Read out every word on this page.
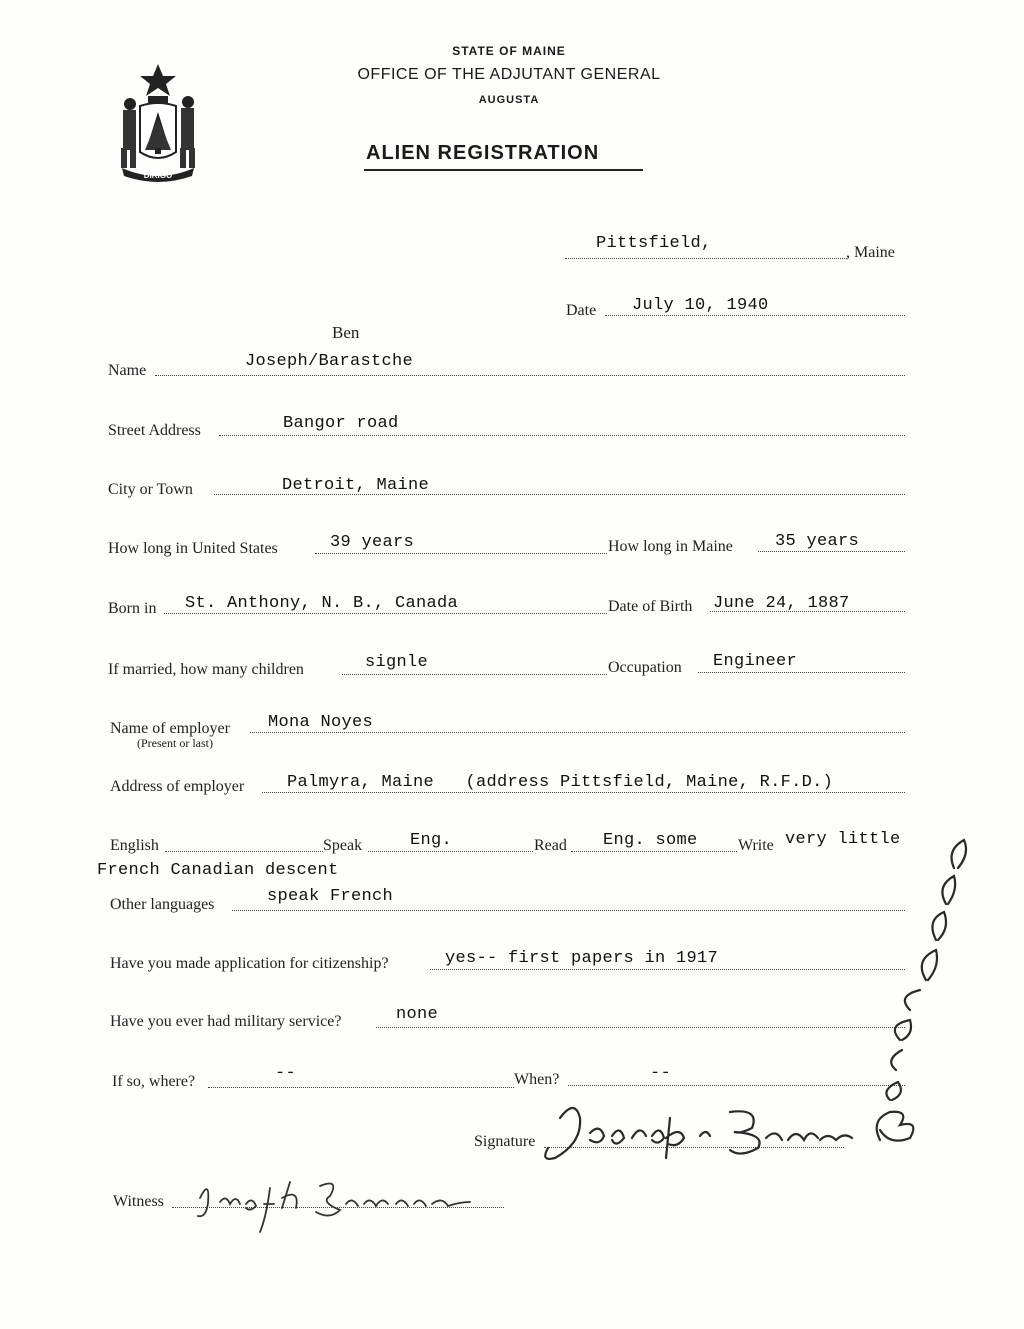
DIRIGO
STATE OF MAINE
OFFICE OF THE ADJUTANT GENERAL
AUGUSTA
ALIEN REGISTRATION
Pittsfield,	, Maine
Date July 10, 1940
Ben
Name	Joseph/Barastche
Street Address	Bangor road
City or Town	Detroit, Maine
How long in United States	39 years	How long in Maine 35 years
Born in St. Anthony, N. B., Canada	Date of Birth June 24, 1887
If married, how many children	signle	Occupation Engineer
Name of employer
(Present or last)
Mona Noyes
Address of employer	Palmyra, Maine   (address Pittsfield, Maine, R.F.D.)
English	Speak	Eng.	Read Eng. some	Write very little
French Canadian descent
Other languages	speak French
Have you made application for citizenship?	yes-- first papers in 1917
Have you ever had military service?	none
If so, where?	--	When?	--
Signature
Witness
